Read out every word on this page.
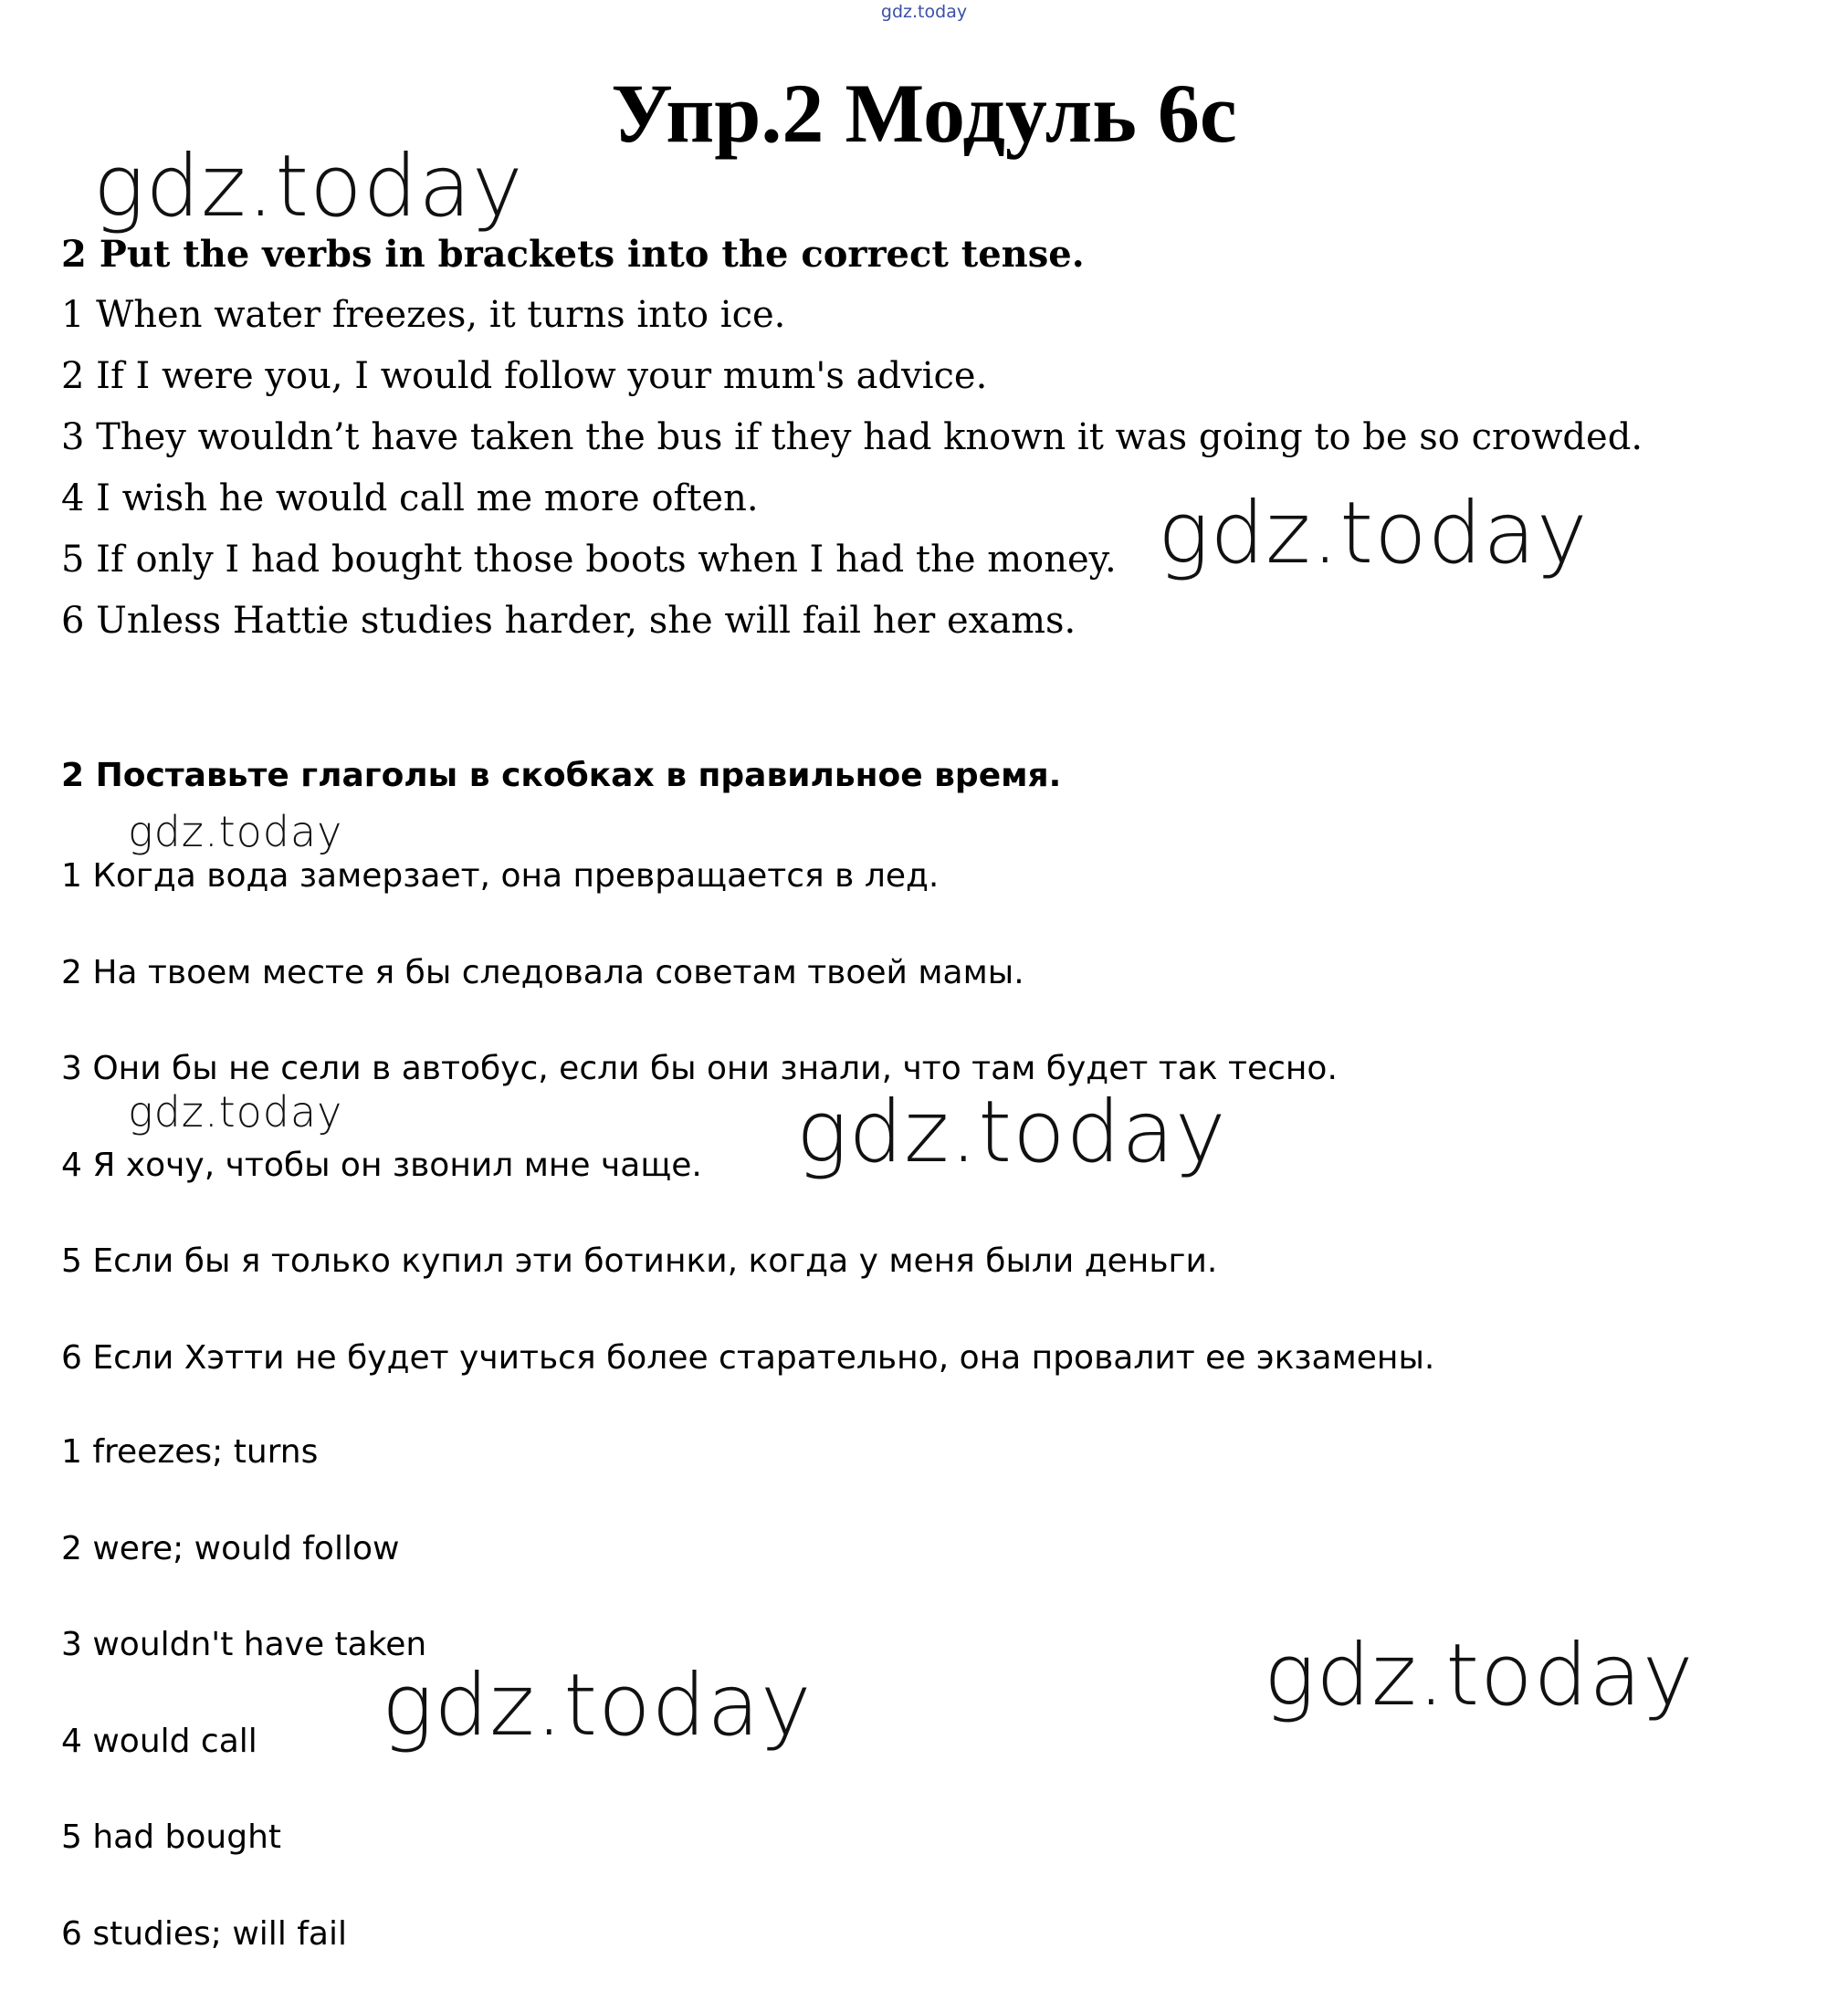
gdz.today
Упр.2 Модуль 6c
2 Put the verbs in brackets into the correct tense.
1 When water freezes, it turns into ice.
2 If I were you, I would follow your mum's advice.
3 They wouldn’t have taken the bus if they had known it was going to be so crowded.
4 I wish he would call me more often.
5 If only I had bought those boots when I had the money.
6 Unless Hattie studies harder, she will fail her exams.
2 Поставьте глаголы в скобках в правильное время.
1 Когда вода замерзает, она превращается в лед.
2 На твоем месте я бы следовала советам твоей мамы.
3 Они бы не сели в автобус, если бы они знали, что там будет так тесно.
4 Я хочу, чтобы он звонил мне чаще.
5 Если бы я только купил эти ботинки, когда у меня были деньги.
6 Если Хэтти не будет учиться более старательно, она провалит ее экзамены.
1 freezes; turns
2 were; would follow
3 wouldn't have taken
4 would call
5 had bought
6 studies; will fail
gdz.today
gdz.today
gdz.today
gdz.today	gdz.today
gdz.today
gdz.today
